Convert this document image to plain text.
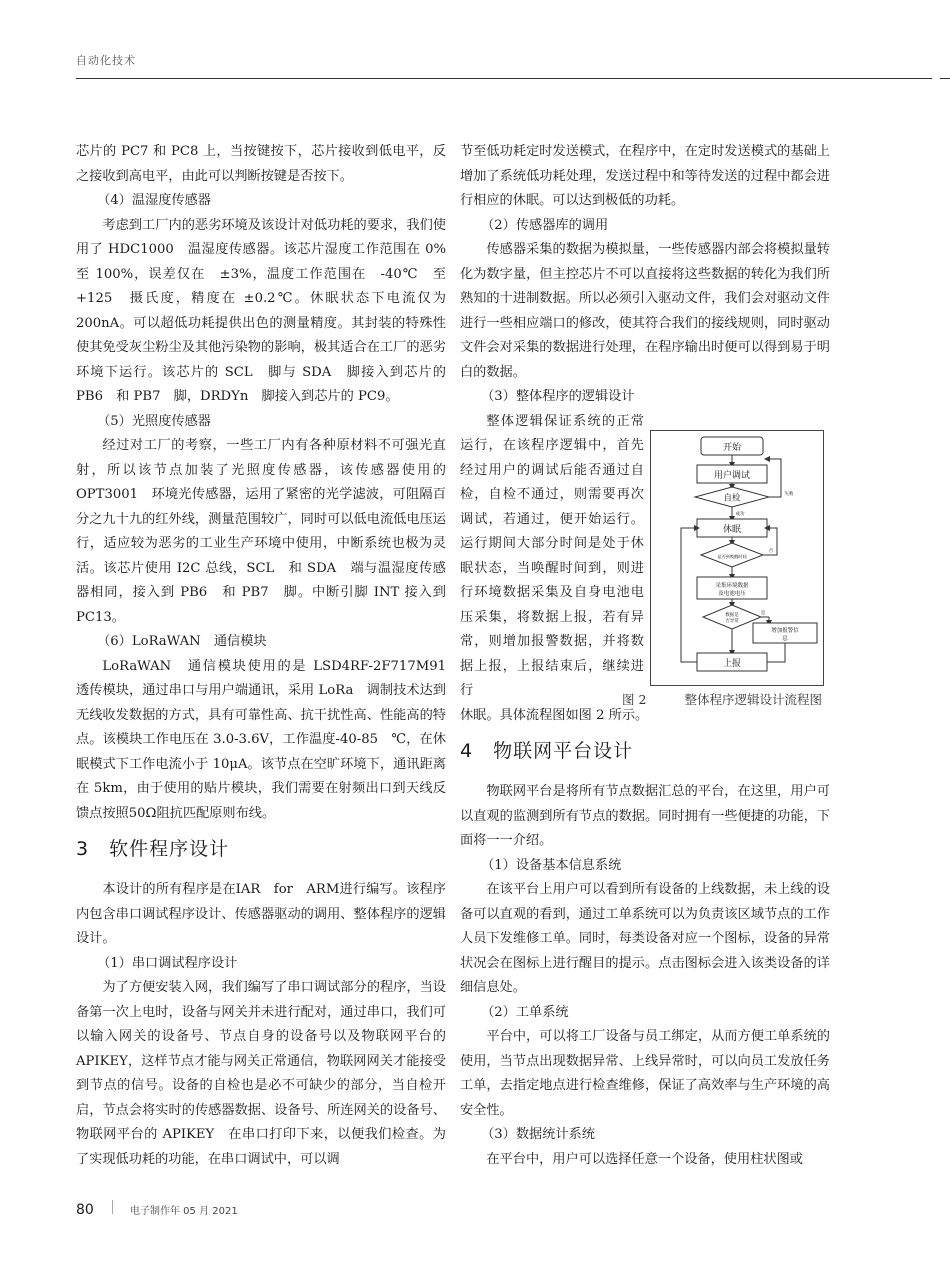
自动化技术

芯片的 PC7 和 PC8 上，当按键按下，芯片接收到低电平，反之接收到高电平，由此可以判断按键是否按下。

（4）温湿度传感器

考虑到工厂内的恶劣环境及该设计对低功耗的要求，我们使用了 HDC1000　温湿度传感器。该芯片湿度工作范围在 0%　至 100%，误差仅在　±3%，温度工作范围在　-40℃　至 +125　摄氏度，精度在 ±0.2℃。休眠状态下电流仅为 200nA。可以超低功耗提供出色的测量精度。其封装的特殊性使其免受灰尘粉尘及其他污染物的影响，极其适合在工厂的恶劣环境下运行。该芯片的 SCL　脚与 SDA　脚接入到芯片的 PB6　和 PB7　脚，DRDYn　脚接入到芯片的 PC9。

（5）光照度传感器

经过对工厂的考察，一些工厂内有各种原材料不可强光直射，所以该节点加装了光照度传感器，该传感器使用的 OPT3001　环境光传感器，运用了紧密的光学滤波，可阻隔百分之九十九的红外线，测量范围较广，同时可以低电流低电压运行，适应较为恶劣的工业生产环境中使用，中断系统也极为灵活。该芯片使用 I2C 总线，SCL　和 SDA　端与温湿度传感器相同，接入到 PB6　和 PB7　脚。中断引脚 INT 接入到 PC13。

（6）LoRaWAN　通信模块

LoRaWAN　通信模块使用的是 LSD4RF-2F717M91　透传模块，通过串口与用户端通讯，采用 LoRa　调制技术达到无线收发数据的方式，具有可靠性高、抗干扰性高、性能高的特点。该模块工作电压在 3.0-3.6V，工作温度-40-85　℃，在休眠模式下工作电流小于 10μA。该节点在空旷环境下，通讯距离在 5km，由于使用的贴片模块，我们需要在射频出口到天线反馈点按照50Ω阻抗匹配原则布线。

3　软件程序设计

本设计的所有程序是在IAR　for　ARM进行编写。该程序内包含串口调试程序设计、传感器驱动的调用、整体程序的逻辑设计。

（1）串口调试程序设计

为了方便安装入网，我们编写了串口调试部分的程序，当设备第一次上电时，设备与网关并未进行配对，通过串口，我们可以输入网关的设备号、节点自身的设备号以及物联网平台的 APIKEY，这样节点才能与网关正常通信，物联网网关才能接受到节点的信号。设备的自检也是必不可缺少的部分，当自检开启，节点会将实时的传感器数据、设备号、所连网关的设备号、物联网平台的 APIKEY　在串口打印下来，以便我们检查。为了实现低功耗的功能，在串口调试中，可以调

节至低功耗定时发送模式，在程序中，在定时发送模式的基础上增加了系统低功耗处理，发送过程中和等待发送的过程中都会进行相应的休眠。可以达到极低的功耗。

（2）传感器库的调用

传感器采集的数据为模拟量，一些传感器内部会将模拟量转化为数字量，但主控芯片不可以直接将这些数据的转化为我们所熟知的十进制数据。所以必须引入驱动文件，我们会对驱动文件进行一些相应端口的修改，使其符合我们的接线规则，同时驱动文件会对采集的数据进行处理，在程序输出时便可以得到易于明白的数据。

（3）整体程序的逻辑设计

整体逻辑保证系统的正常运行，在该程序逻辑中，首先经过用户的调试后能否通过自检，自检不通过，则需要再次调试，若通过，便开始运行。运行期间大部分时间是处于休眠状态，当唤醒时间到，则进行环境数据采集及自身电池电压采集，将数据上报，若有异常，则增加报警数据，并将数据上报，上报结束后，继续进行

休眠。具体流程图如图 2 所示。

4　物联网平台设计

物联网平台是将所有节点数据汇总的平台，在这里，用户可以直观的监测到所有节点的数据。同时拥有一些便捷的功能，下面将一一介绍。

（1）设备基本信息系统

在该平台上用户可以看到所有设备的上线数据，未上线的设备可以直观的看到，通过工单系统可以为负责该区域节点的工作人员下发维修工单。同时，每类设备对应一个图标，设备的异常状况会在图标上进行醒目的提示。点击图标会进入该类设备的详细信息处。

（2）工单系统

平台中，可以将工厂设备与员工绑定，从而方便工单系统的使用，当节点出现数据异常、上线异常时，可以向员工发放任务工单，去指定地点进行检查维修，保证了高效率与生产环境的高安全性。

（3）数据统计系统

在平台中，用户可以选择任意一个设备，使用柱状图或

开始
用户调试
自检
休眠
是否到唤醒时间
采集环境数据
及电池电压
数据是
否异常
增加报警信
息
上报
失败
成功
否
是
图 2	整体程序逻辑设计流程图
80	电子制作年 05 月 2021
